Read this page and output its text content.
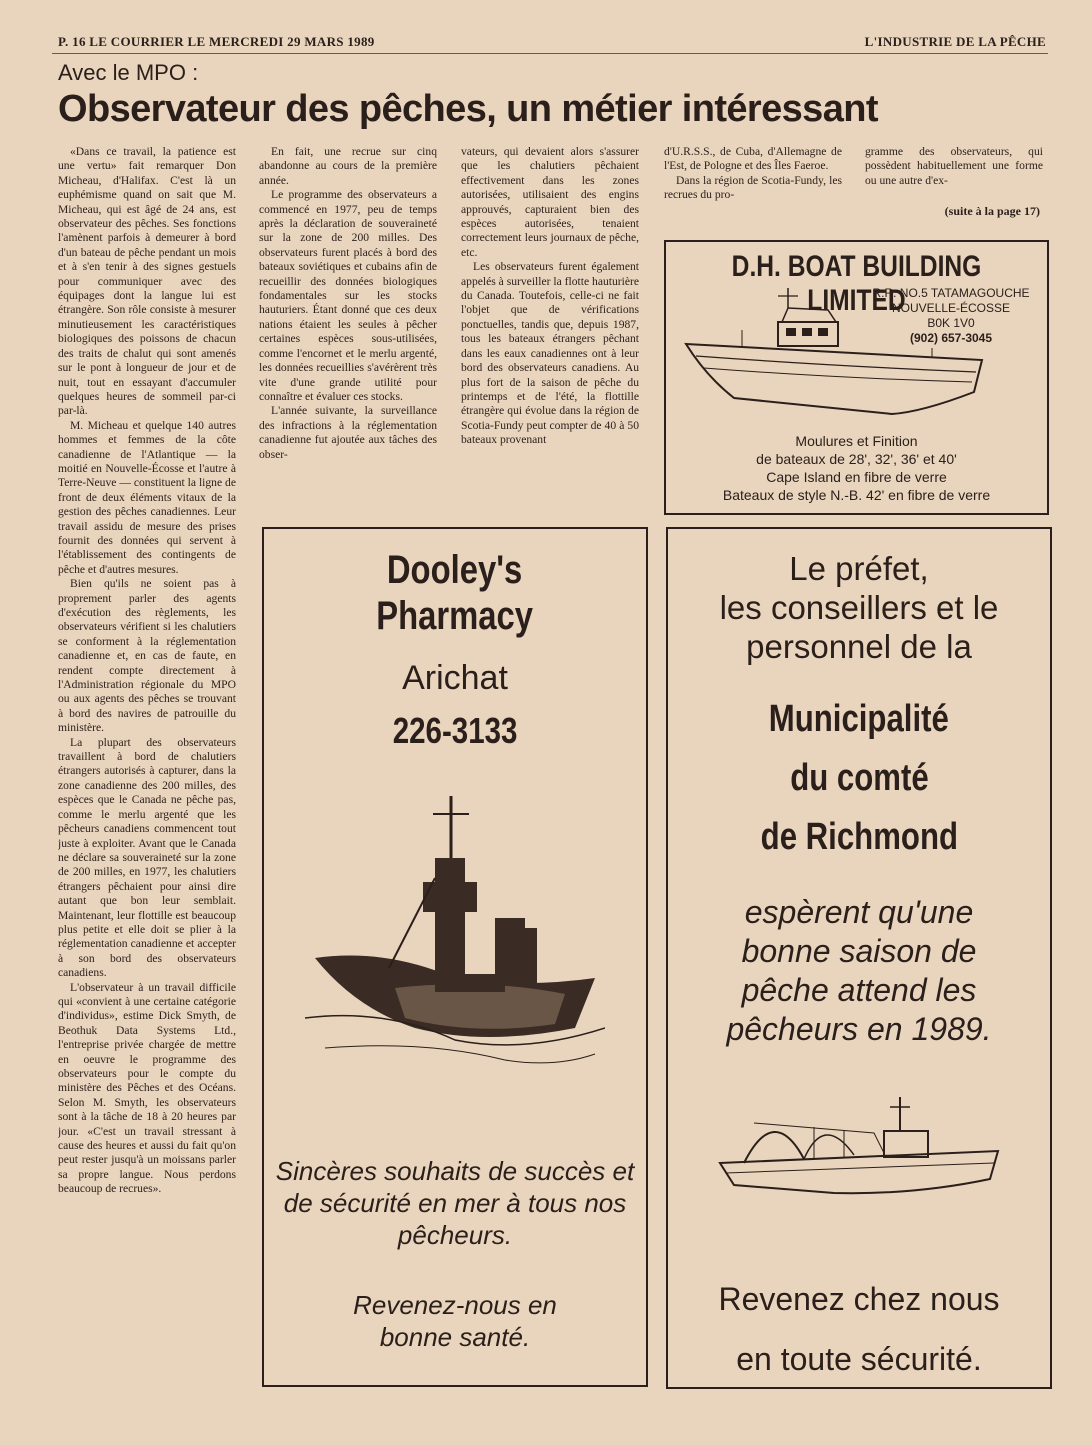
P. 16 LE COURRIER LE MERCREDI 29 MARS 1989	L'INDUSTRIE DE LA PÊCHE
Avec le MPO :
Observateur des pêches, un métier intéressant

«Dans ce travail, la patience est une vertu» fait remarquer Don Micheau, d'Halifax. C'est là un euphémisme quand on sait que M. Micheau, qui est âgé de 24 ans, est observateur des pêches. Ses fonctions l'amènent parfois à demeurer à bord d'un bateau de pêche pendant un mois et à s'en tenir à des signes gestuels pour communiquer avec des équipages dont la langue lui est étrangère. Son rôle consiste à mesurer minutieusement les caractéristiques biologiques des poissons de chacun des traits de chalut qui sont amenés sur le pont à longueur de jour et de nuit, tout en essayant d'accumuler quelques heures de sommeil par-ci par-là.

M. Micheau et quelque 140 autres hommes et femmes de la côte canadienne de l'Atlantique — la moitié en Nouvelle-Écosse et l'autre à Terre-Neuve — constituent la ligne de front de deux éléments vitaux de la gestion des pêches canadiennes. Leur travail assidu de mesure des prises fournit des données qui servent à l'établissement des contingents de pêche et d'autres mesures.

Bien qu'ils ne soient pas à proprement parler des agents d'exécution des règlements, les observateurs vérifient si les chalutiers se conforment à la réglementation canadienne et, en cas de faute, en rendent compte directement à l'Administration régionale du MPO ou aux agents des pêches se trouvant à bord des navires de patrouille du ministère.

La plupart des observateurs travaillent à bord de chalutiers étrangers autorisés à capturer, dans la zone canadienne des 200 milles, des espèces que le Canada ne pêche pas, comme le merlu argenté que les pêcheurs canadiens commencent tout juste à exploiter. Avant que le Canada ne déclare sa souveraineté sur la zone de 200 milles, en 1977, les chalutiers étrangers pêchaient pour ainsi dire autant que bon leur semblait. Maintenant, leur flottille est beaucoup plus petite et elle doit se plier à la réglementation canadienne et accepter à son bord des observateurs canadiens.

L'observateur à un travail difficile qui «convient à une certaine catégorie d'individus», estime Dick Smyth, de Beothuk Data Systems Ltd., l'entreprise privée chargée de mettre en oeuvre le programme des observateurs pour le compte du ministère des Pêches et des Océans. Selon M. Smyth, les observateurs sont à la tâche de 18 à 20 heures par jour. «C'est un travail stressant à cause des heures et aussi du fait qu'on peut rester jusqu'à un moissans parler sa propre langue. Nous perdons beaucoup de recrues».

En fait, une recrue sur cinq abandonne au cours de la première année.

Le programme des observateurs a commencé en 1977, peu de temps après la déclaration de souveraineté sur la zone de 200 milles. Des observateurs furent placés à bord des bateaux soviétiques et cubains afin de recueillir des données biologiques fondamentales sur les stocks hauturiers. Étant donné que ces deux nations étaient les seules à pêcher certaines espèces sous-utilisées, comme l'encornet et le merlu argenté, les données recueillies s'avérèrent très vite d'une grande utilité pour connaître et évaluer ces stocks.

L'année suivante, la surveillance des infractions à la réglementation canadienne fut ajoutée aux tâches des obser-

vateurs, qui devaient alors s'assurer que les chalutiers pêchaient effectivement dans les zones autorisées, utilisaient des engins approuvés, capturaient bien des espèces autorisées, tenaient correctement leurs journaux de pêche, etc.

Les observateurs furent également appelés à surveiller la flotte hauturière du Canada. Toutefois, celle-ci ne fait l'objet que de vérifications ponctuelles, tandis que, depuis 1987, tous les bateaux étrangers pêchant dans les eaux canadiennes ont à leur bord des observateurs canadiens. Au plus fort de la saison de pêche du printemps et de l'été, la flottille étrangère qui évolue dans la région de Scotia-Fundy peut compter de 40 à 50 bateaux provenant

d'U.R.S.S., de Cuba, d'Allemagne de l'Est, de Pologne et des Îles Faeroe.

Dans la région de Scotia-Fundy, les recrues du pro-

gramme des observateurs, qui possèdent habituellement une forme ou une autre d'ex-

(suite à la page 17)
D.H. BOAT BUILDING LIMITED
R.R. NO.5 TATAMAGOUCHE
NOUVELLE-ÉCOSSE
B0K 1V0
(902) 657-3045
Moulures et Finition
de bateaux de 28', 32', 36' et 40'
Cape Island en fibre de verre
Bateaux de style N.-B. 42' en fibre de verre
Dooley's
Pharmacy
Arichat
226-3133
Sincères souhaits de succès et de sécurité en mer à tous nos pêcheurs.
Revenez-nous en bonne santé.
Le préfet,
les conseillers et le
personnel de la
Municipalité
du comté
de Richmond
espèrent qu'une bonne saison de pêche attend les pêcheurs en 1989.
Revenez chez nous
en toute sécurité.
